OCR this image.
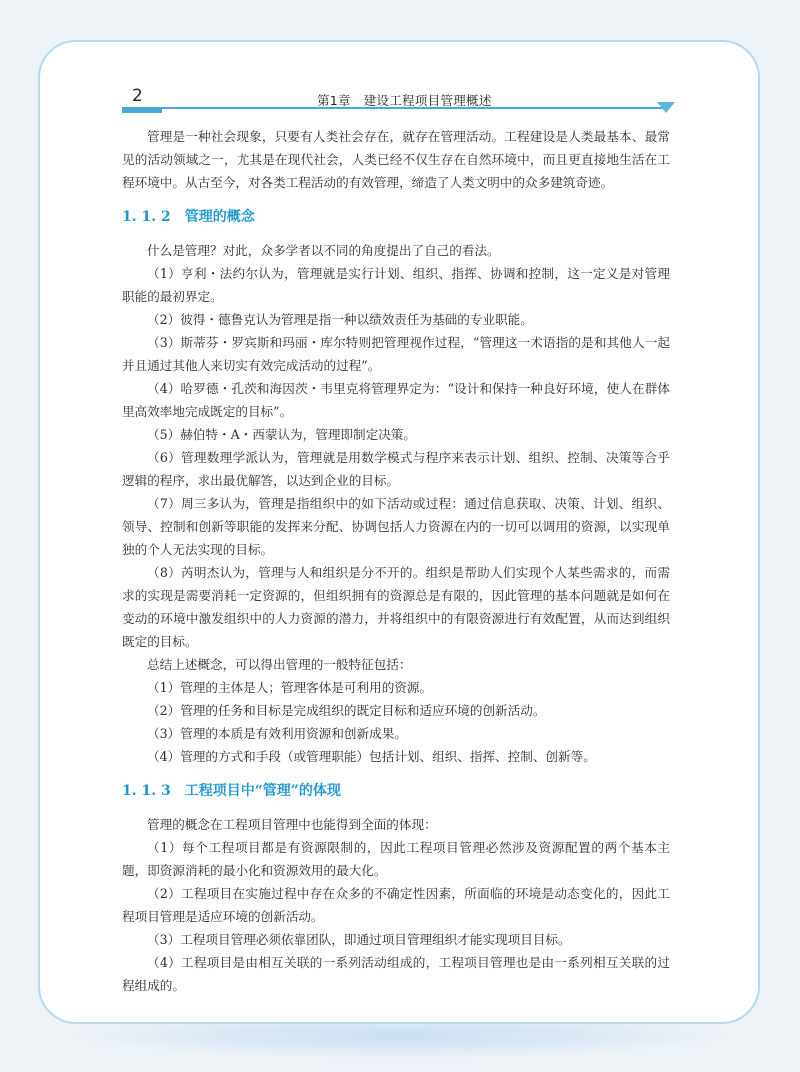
2	第1章　建设工程项目管理概述

管理是一种社会现象，只要有人类社会存在，就存在管理活动。工程建设是人类最基本、最常见的活动领域之一，尤其是在现代社会，人类已经不仅生存在自然环境中，而且更直接地生活在工程环境中。从古至今，对各类工程活动的有效管理，缔造了人类文明中的众多建筑奇迹。

1. 1. 2 管理的概念

什么是管理？对此，众多学者以不同的角度提出了自己的看法。

（1）亨利・法约尔认为，管理就是实行计划、组织、指挥、协调和控制，这一定义是对管理职能的最初界定。

（2）彼得・德鲁克认为管理是指一种以绩效责任为基础的专业职能。

（3）斯蒂芬・罗宾斯和玛丽・库尔特则把管理视作过程，“管理这一术语指的是和其他人一起并且通过其他人来切实有效完成活动的过程”。

（4）哈罗德・孔茨和海因茨・韦里克将管理界定为：“设计和保持一种良好环境，使人在群体里高效率地完成既定的目标”。

（5）赫伯特・A・西蒙认为，管理即制定决策。

（6）管理数理学派认为，管理就是用数学模式与程序来表示计划、组织、控制、决策等合乎逻辑的程序，求出最优解答，以达到企业的目标。

（7）周三多认为，管理是指组织中的如下活动或过程：通过信息获取、决策、计划、组织、领导、控制和创新等职能的发挥来分配、协调包括人力资源在内的一切可以调用的资源，以实现单独的个人无法实现的目标。

（8）芮明杰认为，管理与人和组织是分不开的。组织是帮助人们实现个人某些需求的，而需求的实现是需要消耗一定资源的，但组织拥有的资源总是有限的，因此管理的基本问题就是如何在变动的环境中激发组织中的人力资源的潜力，并将组织中的有限资源进行有效配置，从而达到组织既定的目标。

总结上述概念，可以得出管理的一般特征包括：

（1）管理的主体是人；管理客体是可利用的资源。

（2）管理的任务和目标是完成组织的既定目标和适应环境的创新活动。

（3）管理的本质是有效利用资源和创新成果。

（4）管理的方式和手段（或管理职能）包括计划、组织、指挥、控制、创新等。

1. 1. 3 工程项目中“管理”的体现

管理的概念在工程项目管理中也能得到全面的体现：

（1）每个工程项目都是有资源限制的，因此工程项目管理必然涉及资源配置的两个基本主题，即资源消耗的最小化和资源效用的最大化。

（2）工程项目在实施过程中存在众多的不确定性因素，所面临的环境是动态变化的，因此工程项目管理是适应环境的创新活动。

（3）工程项目管理必须依靠团队，即通过项目管理组织才能实现项目目标。

（4）工程项目是由相互关联的一系列活动组成的，工程项目管理也是由一系列相互关联的过程组成的。
